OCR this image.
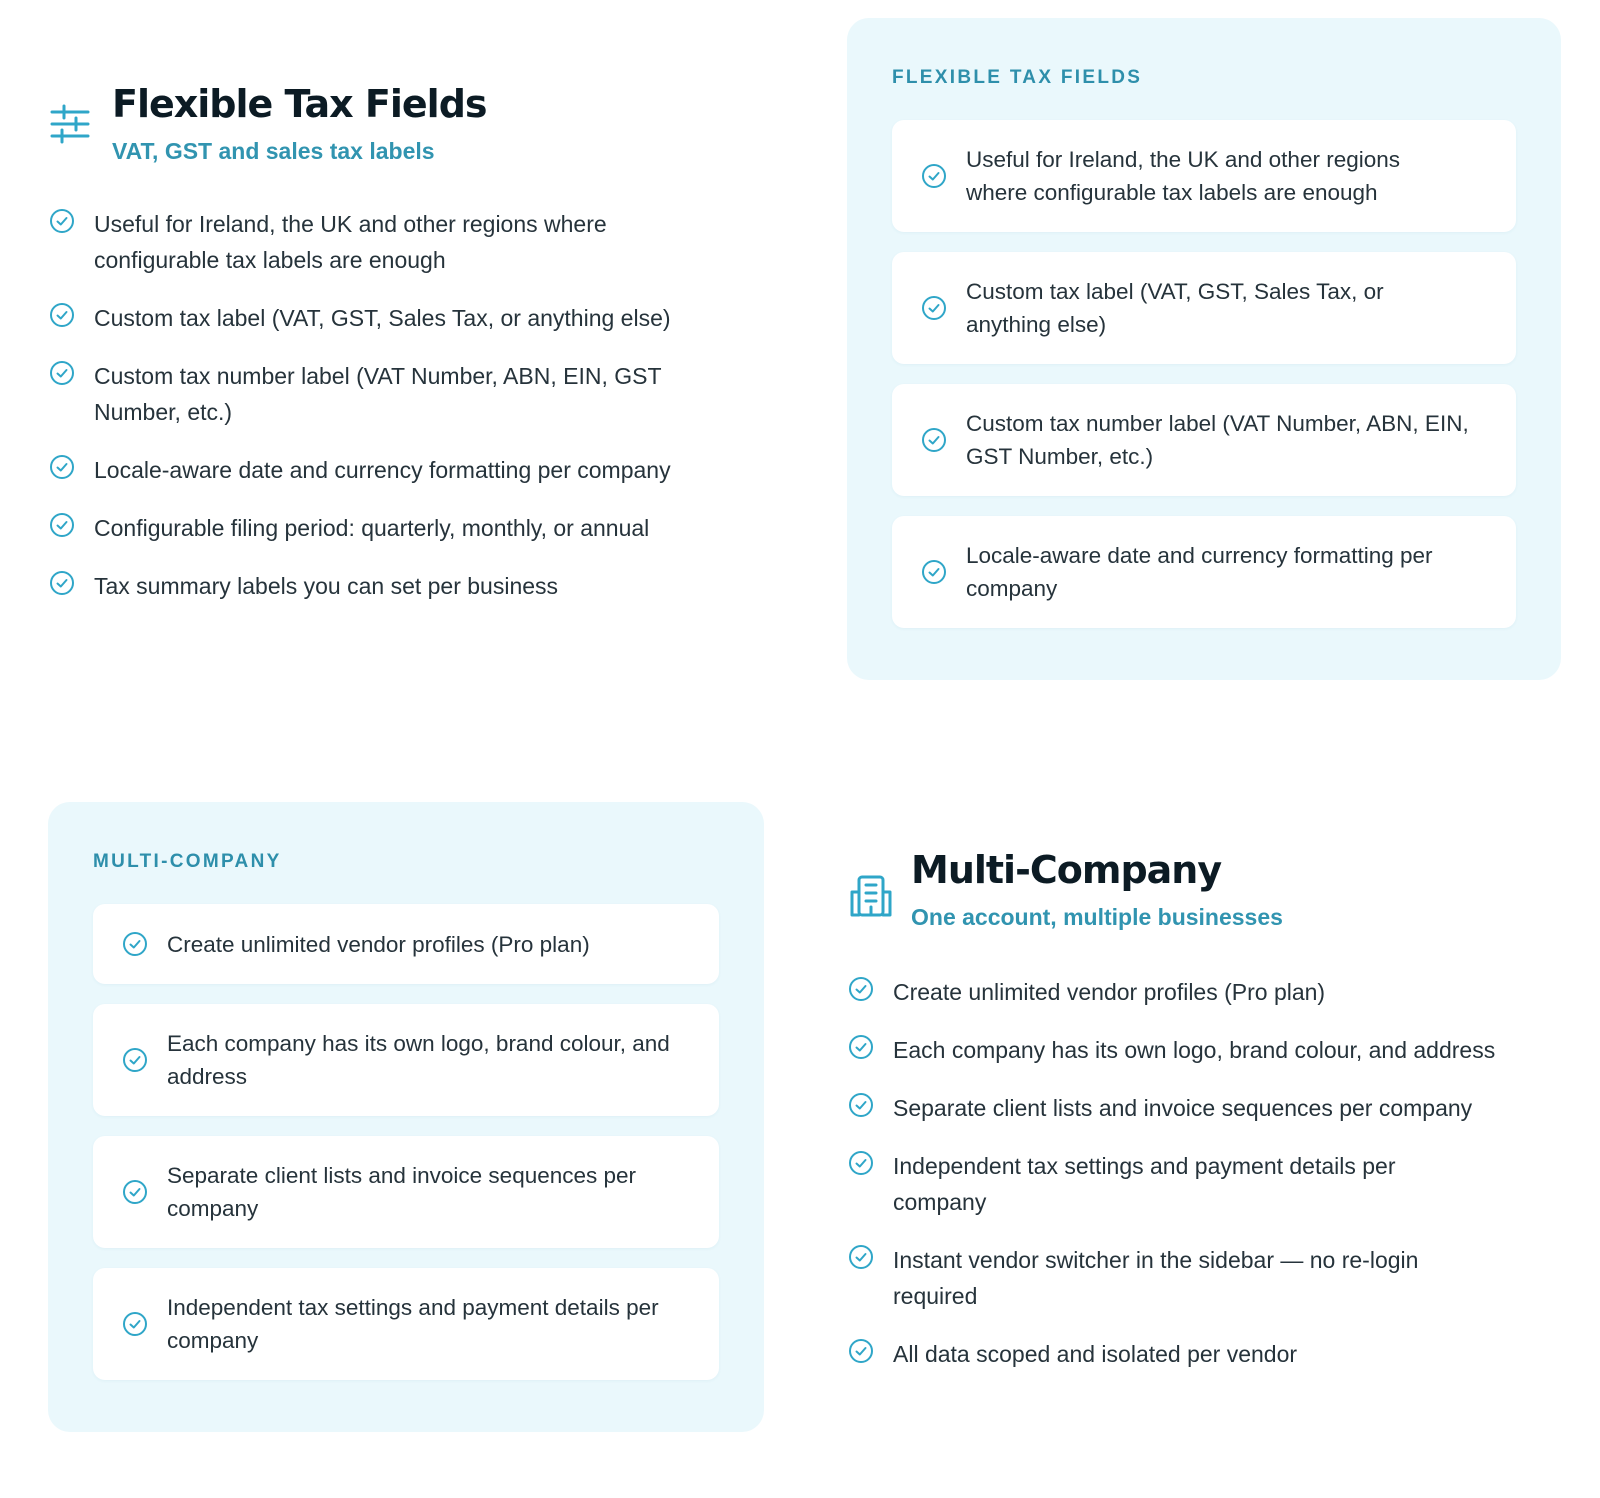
Flexible Tax Fields
VAT, GST and sales tax labels
Useful for Ireland, the UK and other regions where configurable tax labels are enough
Custom tax label (VAT, GST, Sales Tax, or anything else)
Custom tax number label (VAT Number, ABN, EIN, GST Number, etc.)
Locale-aware date and currency formatting per company
Configurable filing period: quarterly, monthly, or annual
Tax summary labels you can set per business
FLEXIBLE TAX FIELDS
Useful for Ireland, the UK and other regions where configurable tax labels are enough
Custom tax label (VAT, GST, Sales Tax, or anything else)
Custom tax number label (VAT Number, ABN, EIN, GST Number, etc.)
Locale-aware date and currency formatting per company
MULTI-COMPANY
Create unlimited vendor profiles (Pro plan)
Each company has its own logo, brand colour, and address
Separate client lists and invoice sequences per company
Independent tax settings and payment details per company
Multi-Company
One account, multiple businesses
Create unlimited vendor profiles (Pro plan)
Each company has its own logo, brand colour, and address
Separate client lists and invoice sequences per company
Independent tax settings and payment details per company
Instant vendor switcher in the sidebar — no re-login required
All data scoped and isolated per vendor
